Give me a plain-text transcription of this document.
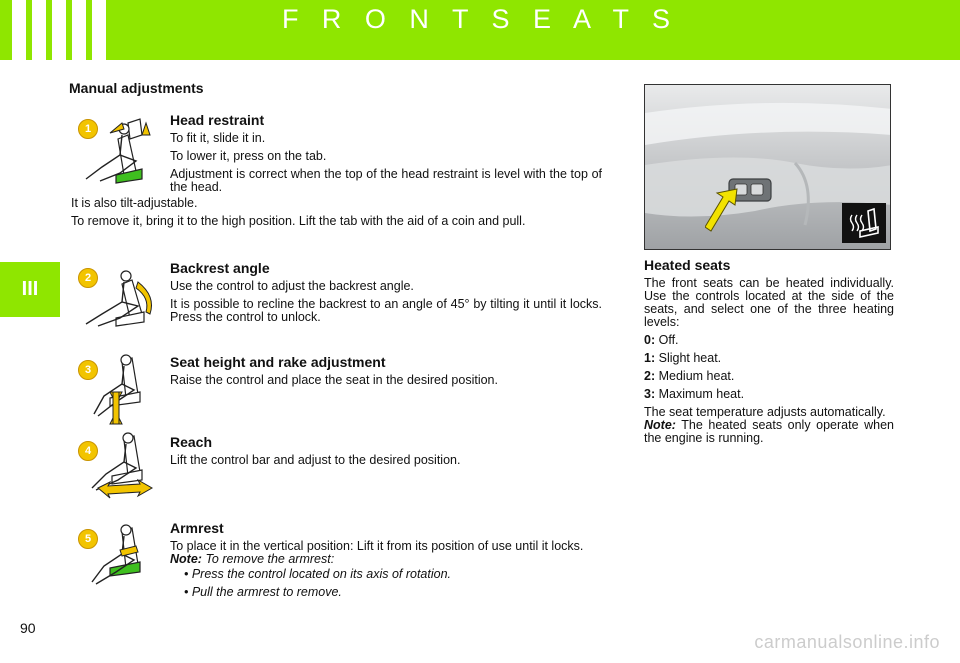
F R O N T S E A T S
III
Manual adjustments
1
Head restraint

To fit it, slide it in.

To lower it, press on the tab.

Adjustment is correct when the top of the head restraint is level with the top of the head.

It is also tilt-adjustable.

To remove it, bring it to the high position. Lift the tab with the aid of a coin and pull.

2
Backrest angle

Use the control to adjust the backrest angle.

It is possible to recline the backrest to an angle of 45° by tilting it until it locks. Press the control to unlock.

3	Seat height and rake adjustment

Raise the control and place the seat in the desired position.

4
Reach

Lift the control bar and adjust to the desired position.

5
Armrest

To place it in the vertical position: Lift it from its position of use until it locks.

Note: To remove the armrest:

• Press the control located on its axis of rotation.

• Pull the armrest to remove.

Heated seats

The front seats can be heated individually. Use the controls located at the side of the seats, and select one of the three heating levels:

0: Off.

1: Slight heat.

2: Medium heat.

3: Maximum heat.

The seat temperature adjusts automatically.

Note: The heated seats only operate when the engine is running.

90
carmanualsonline.info
